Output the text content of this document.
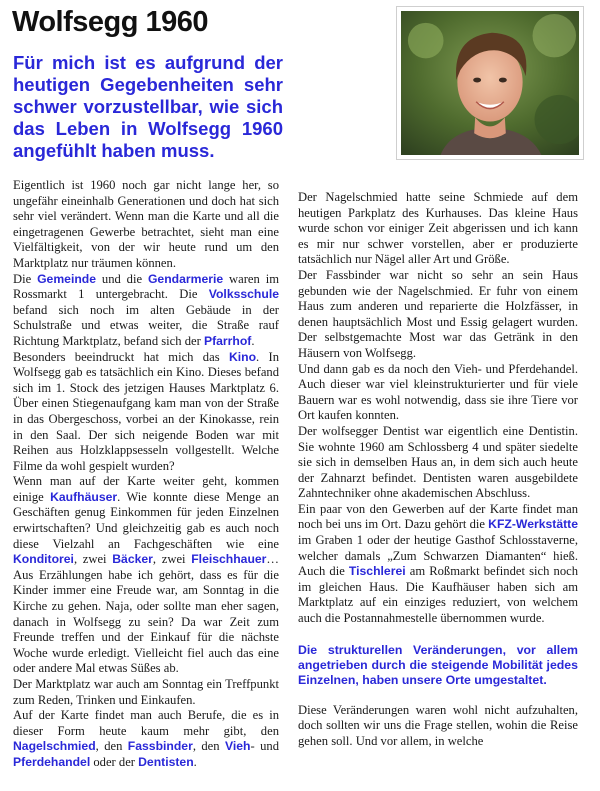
Wolfsegg 1960
Für mich ist es aufgrund der heutigen Gegebenheiten sehr schwer vorzustellbar, wie sich das Leben in Wolfsegg 1960 angefühlt haben muss.

Eigentlich ist 1960 noch gar nicht lange her, so ungefähr eineinhalb Generationen und doch hat sich sehr viel verändert. Wenn man die Karte und all die eingetragenen Gewerbe betrachtet, sieht man eine Vielfältigkeit, von der wir heute rund um den Marktplatz nur träumen können.

Die Gemeinde und die Gendarmerie waren im Rossmarkt 1 untergebracht. Die Volksschule befand sich noch im alten Gebäude in der Schulstraße und etwas weiter, die Straße rauf Richtung Marktplatz, befand sich der Pfarrhof.

Besonders beeindruckt hat mich das Kino. In Wolfsegg gab es tatsächlich ein Kino. Dieses befand sich im 1. Stock des jetzigen Hauses Marktplatz 6. Über einen Stiegenaufgang kam man von der Straße in das Obergeschoss, vorbei an der Kinokasse, rein in den Saal. Der sich neigende Boden war mit Reihen aus Holzklappsesseln vollgestellt. Welche Filme da wohl gespielt wurden?

Wenn man auf der Karte weiter geht, kommen einige Kaufhäuser. Wie konnte diese Menge an Geschäften genug Einkommen für jeden Einzelnen erwirtschaften? Und gleichzeitig gab es auch noch diese Vielzahl an Fachgeschäften wie eine Konditorei, zwei Bäcker, zwei Fleischhauer… Aus Erzählungen habe ich gehört, dass es für die Kinder immer eine Freude war, am Sonntag in die Kirche zu gehen. Naja, oder sollte man eher sagen, danach in Wolfsegg zu sein? Da war Zeit zum Freunde treffen und der Einkauf für die nächste Woche wurde erledigt. Vielleicht fiel auch das eine oder andere Mal etwas Süßes ab.

Der Marktplatz war auch am Sonntag ein Treffpunkt zum Reden, Trinken und Einkaufen.

Auf der Karte findet man auch Berufe, die es in dieser Form heute kaum mehr gibt, den Nagelschmied, den Fassbinder, den Vieh- und Pferdehandel oder der Dentisten.

Der Nagelschmied hatte seine Schmiede auf dem heutigen Parkplatz des Kurhauses. Das kleine Haus wurde schon vor einiger Zeit abgerissen und ich kann es mir nur schwer vorstellen, aber er produzierte tatsächlich nur Nägel aller Art und Größe.

Der Fassbinder war nicht so sehr an sein Haus gebunden wie der Nagelschmied. Er fuhr von einem Haus zum anderen und reparierte die Holzfässer, in denen hauptsächlich Most und Essig gelagert wurden. Der selbstgemachte Most war das Getränk in den Häusern von Wolfsegg.

Und dann gab es da noch den Vieh- und Pferdehandel. Auch dieser war viel kleinstrukturierter und für viele Bauern war es wohl notwendig, dass sie ihre Tiere vor Ort kaufen konnten.

Der wolfsegger Dentist war eigentlich eine Dentistin. Sie wohnte 1960 am Schlossberg 4 und später siedelte sie sich in demselben Haus an, in dem sich auch heute der Zahnarzt befindet. Dentisten waren ausgebildete Zahntechniker ohne akademischen Abschluss.

Ein paar von den Gewerben auf der Karte findet man noch bei uns im Ort. Dazu gehört die KFZ-Werkstätte im Graben 1 oder der heutige Gasthof Schlosstaverne, welcher damals „Zum Schwarzen Diamanten“ hieß. Auch die Tischlerei am Roßmarkt befindet sich noch im gleichen Haus. Die Kaufhäuser haben sich am Marktplatz auf ein einziges reduziert, von welchem auch die Postannahmestelle übernommen wurde.

Die strukturellen Veränderungen, vor allem angetrieben durch die steigende Mobilität jedes Einzelnen, haben unsere Orte umgestaltet.

Diese Veränderungen waren wohl nicht aufzuhalten, doch sollten wir uns die Frage stellen, wohin die Reise gehen soll. Und vor allem, in welche
